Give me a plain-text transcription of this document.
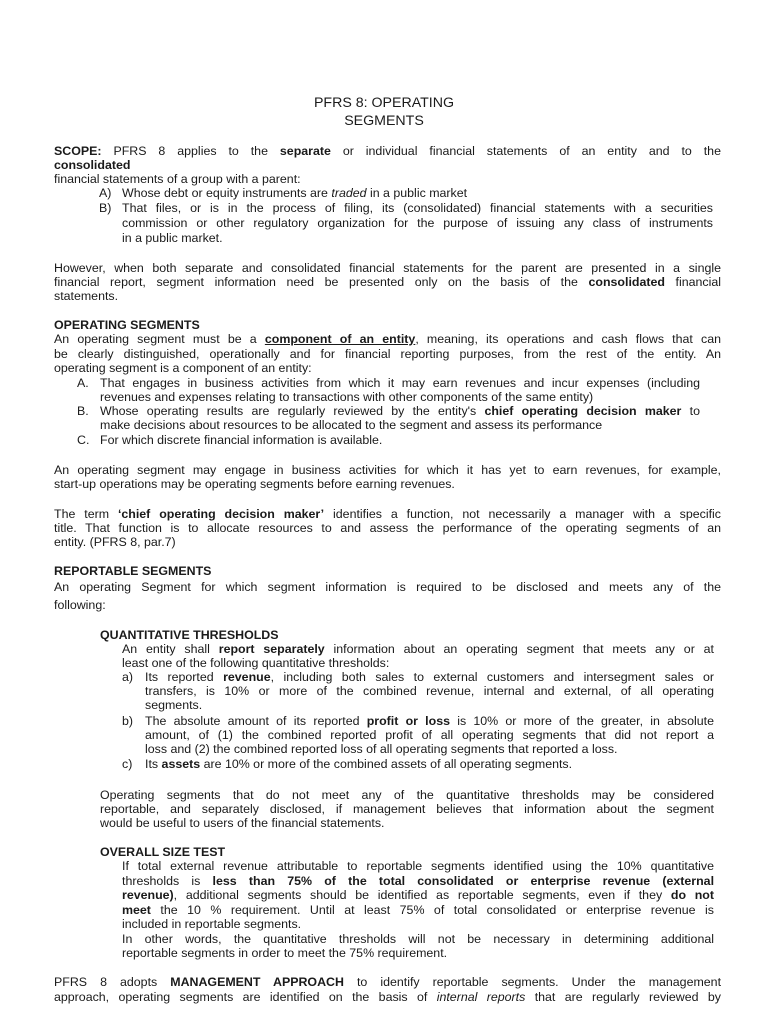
PFRS 8: OPERATING
SEGMENTS
SCOPE: PFRS 8 applies to the separate or individual financial statements of an entity and to the
consolidated
financial statements of a group with a parent:
A) Whose debt or equity instruments are traded in a public market
B) That files, or is in the process of filing, its (consolidated) financial statements with a securities
commission or other regulatory organization for the purpose of issuing any class of instruments
in a public market.
However, when both separate and consolidated financial statements for the parent are presented in a single
financial report, segment information need be presented only on the basis of the consolidated financial
statements.
OPERATING SEGMENTS
An operating segment must be a component of an entity, meaning, its operations and cash flows that can
be clearly distinguished, operationally and for financial reporting purposes, from the rest of the entity. An
operating segment is a component of an entity:
A. That engages in business activities from which it may earn revenues and incur expenses (including
revenues and expenses relating to transactions with other components of the same entity)
B. Whose operating results are regularly reviewed by the entity's chief operating decision maker to
make decisions about resources to be allocated to the segment and assess its performance
C. For which discrete financial information is available.
An operating segment may engage in business activities for which it has yet to earn revenues, for example,
start-up operations may be operating segments before earning revenues.
The term ‘chief operating decision maker’ identifies a function, not necessarily a manager with a specific
title. That function is to allocate resources to and assess the performance of the operating segments of an
entity. (PFRS 8, par.7)
REPORTABLE SEGMENTS
An operating Segment for which segment information is required to be disclosed and meets any of the
following:
QUANTITATIVE THRESHOLDS
An entity shall report separately information about an operating segment that meets any or at
least one of the following quantitative thresholds:
a) Its reported revenue, including both sales to external customers and intersegment sales or
transfers, is 10% or more of the combined revenue, internal and external, of all operating
segments.
b) The absolute amount of its reported profit or loss is 10% or more of the greater, in absolute
amount, of (1) the combined reported profit of all operating segments that did not report a
loss and (2) the combined reported loss of all operating segments that reported a loss.
c) Its assets are 10% or more of the combined assets of all operating segments.
Operating segments that do not meet any of the quantitative thresholds may be considered
reportable, and separately disclosed, if management believes that information about the segment
would be useful to users of the financial statements.
OVERALL SIZE TEST
If total external revenue attributable to reportable segments identified using the 10% quantitative
thresholds is less than 75% of the total consolidated or enterprise revenue (external
revenue), additional segments should be identified as reportable segments, even if they do not
meet the 10 % requirement. Until at least 75% of total consolidated or enterprise revenue is
included in reportable segments.
In other words, the quantitative thresholds will not be necessary in determining additional
reportable segments in order to meet the 75% requirement.
PFRS 8 adopts MANAGEMENT APPROACH to identify reportable segments. Under the management
approach, operating segments are identified on the basis of internal reports that are regularly reviewed by
